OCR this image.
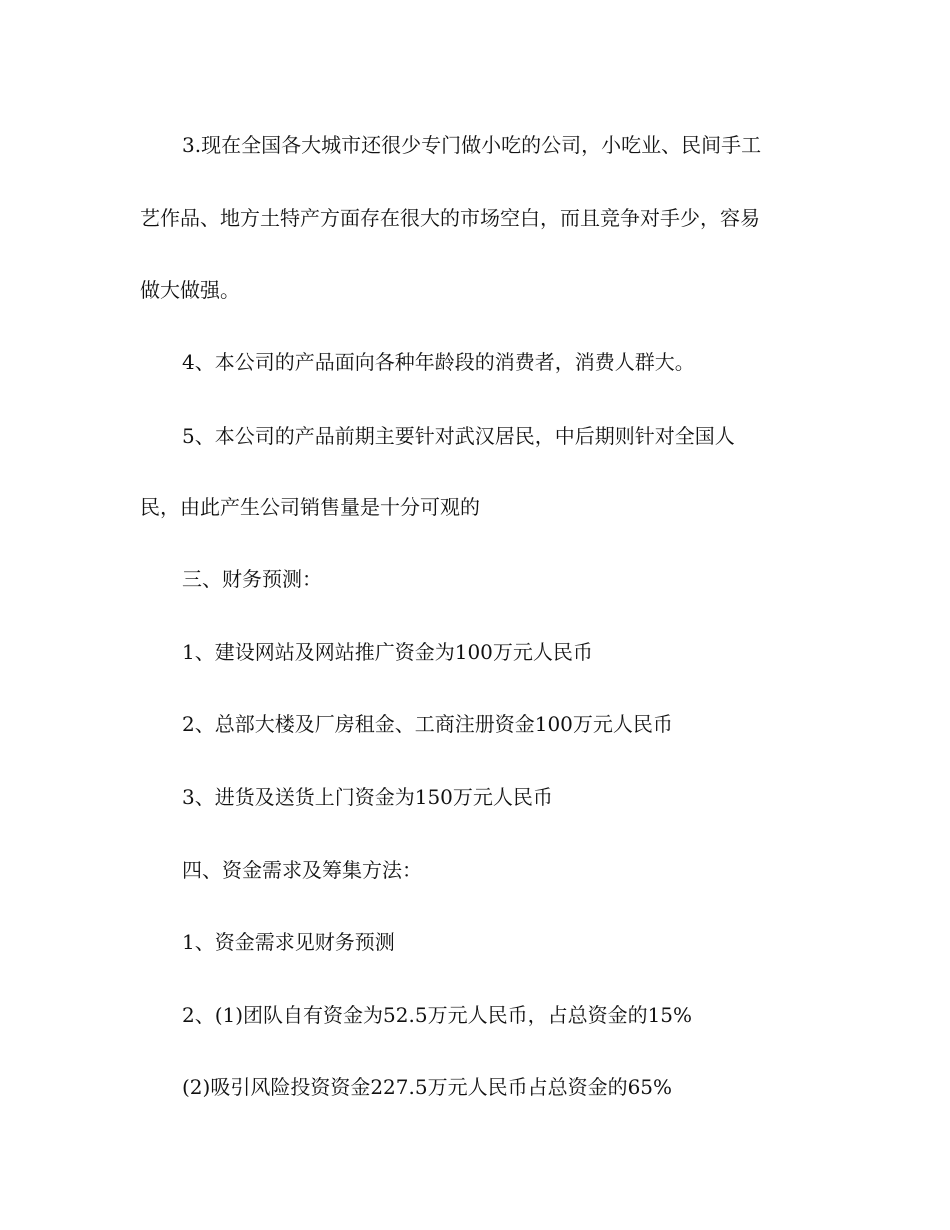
3.现在全国各大城市还很少专门做小吃的公司，小吃业、民间手工

艺作品、地方土特产方面存在很大的市场空白，而且竞争对手少，容易

做大做强。

4、本公司的产品面向各种年龄段的消费者，消费人群大。

5、本公司的产品前期主要针对武汉居民，中后期则针对全国人

民，由此产生公司销售量是十分可观的

三、财务预测：

1、建设网站及网站推广资金为100万元人民币

2、总部大楼及厂房租金、工商注册资金100万元人民币

3、进货及送货上门资金为150万元人民币

四、资金需求及筹集方法：

1、资金需求见财务预测

2、(1)团队自有资金为52.5万元人民币，占总资金的15%

(2)吸引风险投资资金227.5万元人民币占总资金的65%
